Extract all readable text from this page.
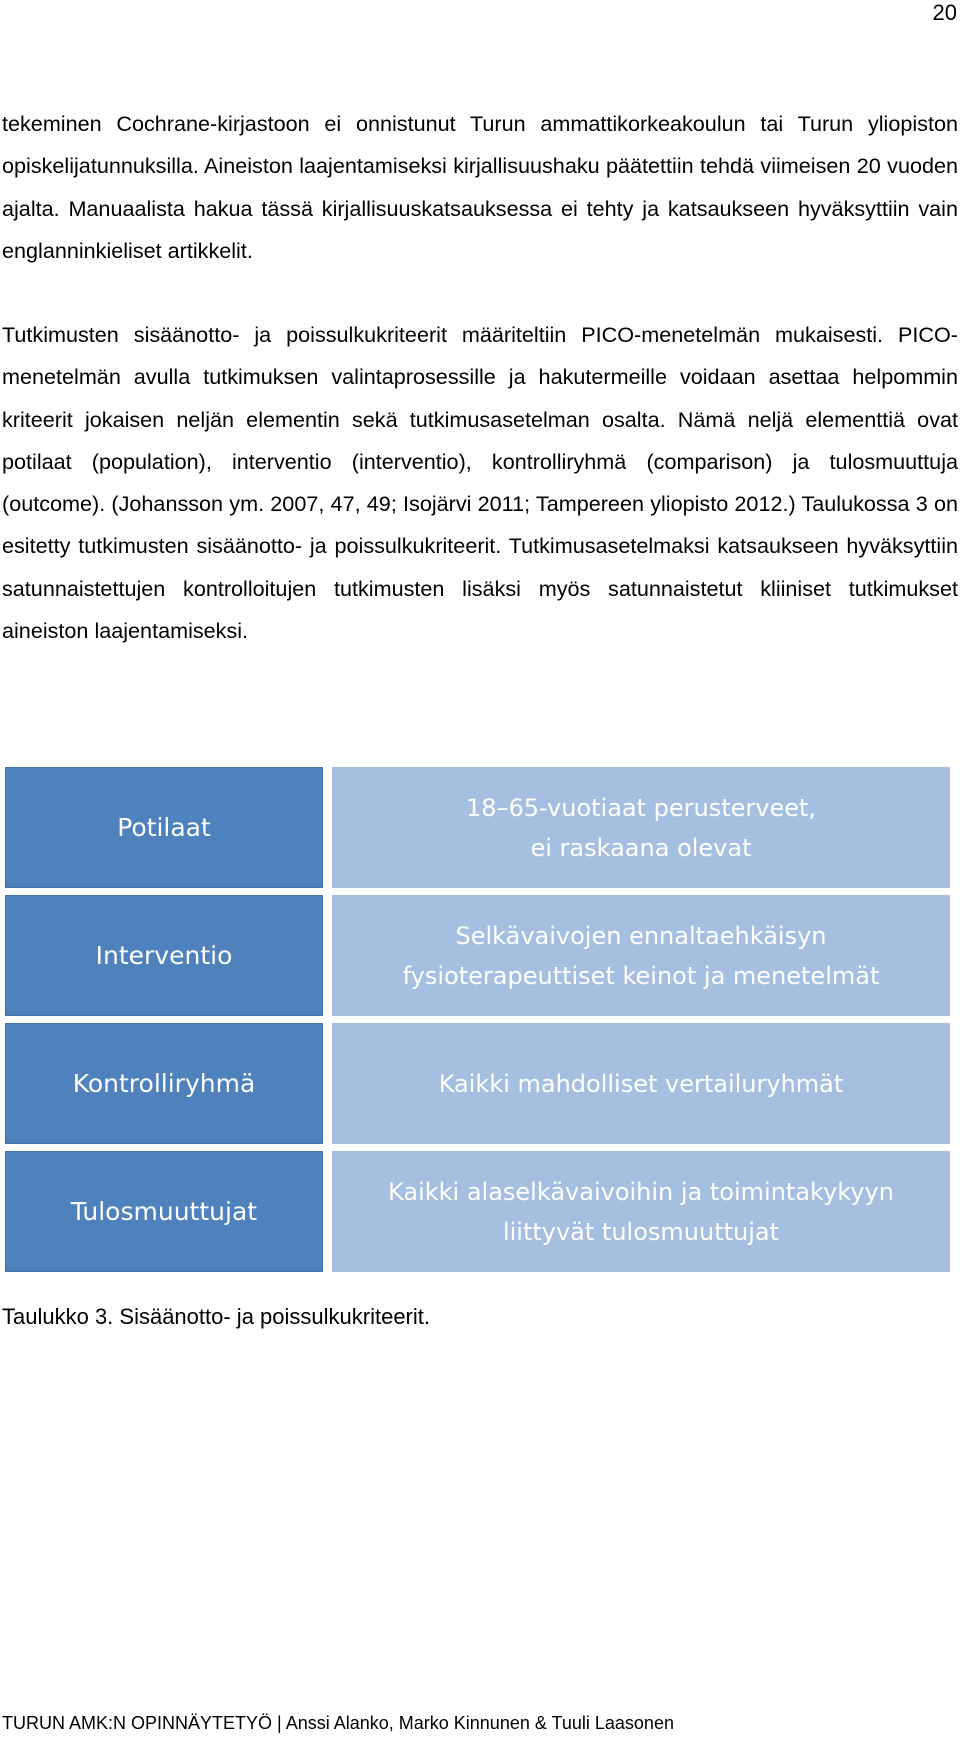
20

tekeminen Cochrane-kirjastoon ei onnistunut Turun ammattikorkeakoulun tai Turun yliopiston opiskelijatunnuksilla. Aineiston laajentamiseksi kirjallisuushaku päätettiin tehdä viimeisen 20 vuoden ajalta. Manuaalista hakua tässä kirjallisuuskatsauksessa ei tehty ja katsaukseen hyväksyttiin vain englanninkieliset artikkelit.

Tutkimusten sisäänotto- ja poissulkukriteerit määriteltiin PICO-menetelmän mukaisesti. PICO-menetelmän avulla tutkimuksen valintaprosessille ja hakutermeille voidaan asettaa helpommin kriteerit jokaisen neljän elementin sekä tutkimusasetelman osalta. Nämä neljä elementtiä ovat potilaat (population), interventio (interventio), kontrolliryhmä (comparison) ja tulosmuuttuja (outcome). (Johansson ym. 2007, 47, 49; Isojärvi 2011; Tampereen yliopisto 2012.) Taulukossa 3 on esitetty tutkimusten sisäänotto- ja poissulkukriteerit. Tutkimusasetelmaksi katsaukseen hyväksyttiin satunnaistettujen kontrolloitujen tutkimusten lisäksi myös satunnaistetut kliiniset tutkimukset aineiston laajentamiseksi.

Potilaat
18–65-vuotiaat perusterveet,
ei raskaana olevat
Interventio
Selkävaivojen ennaltaehkäisyn
fysioterapeuttiset keinot ja menetelmät
Kontrolliryhmä	Kaikki mahdolliset vertailuryhmät
Tulosmuuttujat
Kaikki alaselkävaivoihin ja toimintakykyyn
liittyvät tulosmuuttujat
Taulukko 3. Sisäänotto- ja poissulkukriteerit.
TURUN AMK:N OPINNÄYTETYÖ | Anssi Alanko, Marko Kinnunen & Tuuli Laasonen
